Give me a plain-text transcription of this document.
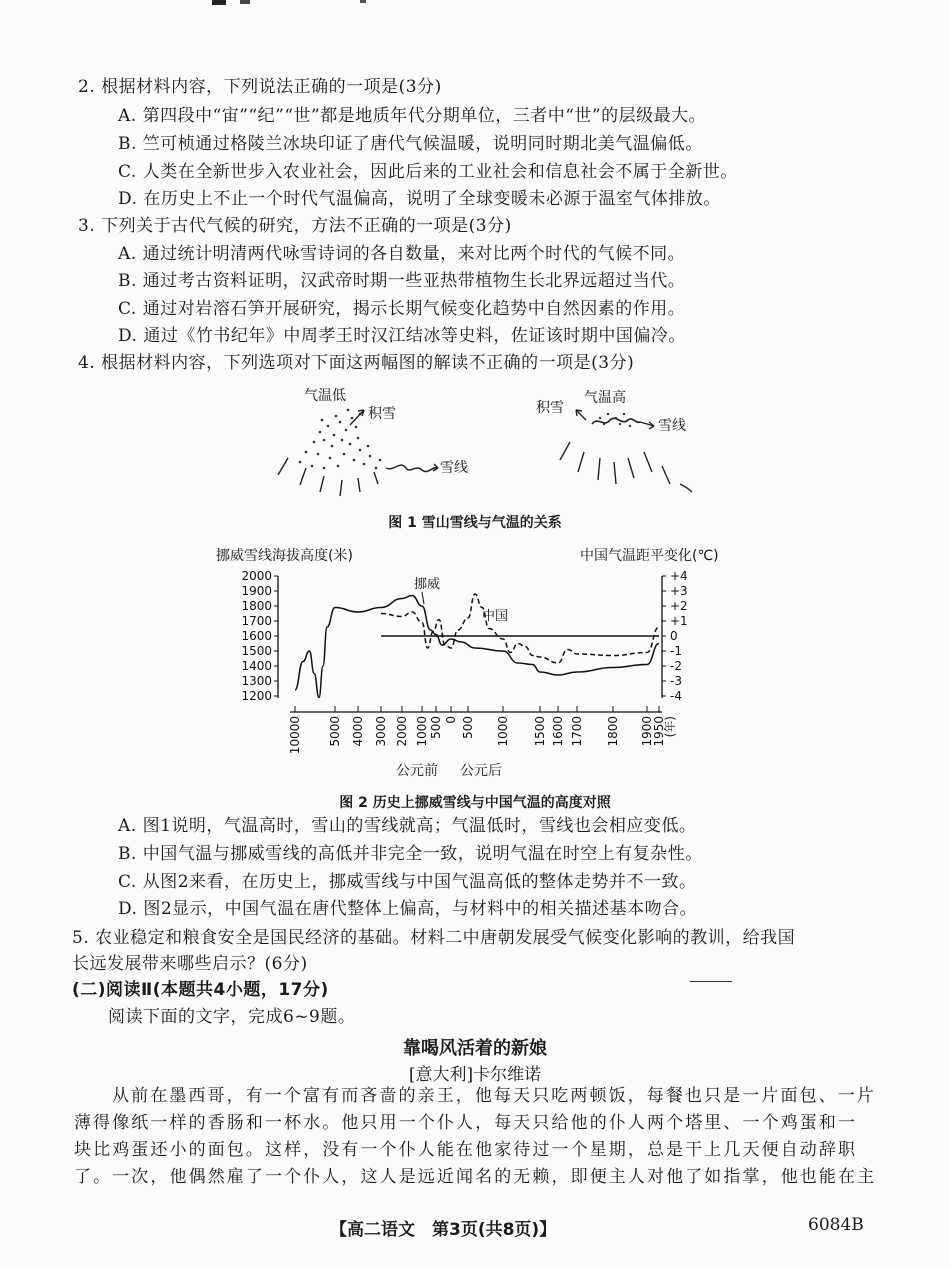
2. 根据材料内容，下列说法正确的一项是(3分)
A. 第四段中“宙”“纪”“世”都是地质年代分期单位，三者中“世”的层级最大。
B. 竺可桢通过格陵兰冰块印证了唐代气候温暖，说明同时期北美气温偏低。
C. 人类在全新世步入农业社会，因此后来的工业社会和信息社会不属于全新世。
D. 在历史上不止一个时代气温偏高，说明了全球变暖未必源于温室气体排放。
3. 下列关于古代气候的研究，方法不正确的一项是(3分)
A. 通过统计明清两代咏雪诗词的各自数量，来对比两个时代的气候不同。
B. 通过考古资料证明，汉武帝时期一些亚热带植物生长北界远超过当代。
C. 通过对岩溶石笋开展研究，揭示长期气候变化趋势中自然因素的作用。
D. 通过《竹书纪年》中周孝王时汉江结冰等史料，佐证该时期中国偏冷。
4. 根据材料内容，下列选项对下面这两幅图的解读不正确的一项是(3分)
气温低
积雪
雪线
气温高
积雪
雪线
图 1 雪山雪线与气温的关系
挪威雪线海拔高度(米)	中国气温距平变化(℃)
2000
1900
1800
1700
1600
1500
1400
1300
1200
+4
+3
+2
+1
0
-1
-2
-3
-4
10000 5000 4000 3000 2000 1000 500 0 500 1000 1500 1600 1700 1800 1900
1950
(年)
挪威
中国
公元前 公元后
图 2 历史上挪威雪线与中国气温的高度对照
A. 图1说明，气温高时，雪山的雪线就高；气温低时，雪线也会相应变低。
B. 中国气温与挪威雪线的高低并非完全一致，说明气温在时空上有复杂性。
C. 从图2来看，在历史上，挪威雪线与中国气温高低的整体走势并不一致。
D. 图2显示，中国气温在唐代整体上偏高，与材料中的相关描述基本吻合。
5. 农业稳定和粮食安全是国民经济的基础。材料二中唐朝发展受气候变化影响的教训，给我国
长远发展带来哪些启示？(6分)
(二)阅读Ⅱ(本题共4小题，17分)
阅读下面的文字，完成6~9题。
靠喝风活着的新娘
[意大利]卡尔维诺
从前在墨西哥，有一个富有而吝啬的亲王，他每天只吃两顿饭，每餐也只是一片面包、一片
薄得像纸一样的香肠和一杯水。他只用一个仆人，每天只给他的仆人两个塔里、一个鸡蛋和一
块比鸡蛋还小的面包。这样，没有一个仆人能在他家待过一个星期，总是干上几天便自动辞职
了。一次，他偶然雇了一个仆人，这人是远近闻名的无赖，即便主人对他了如指掌，他也能在主
【高二语文　第3页(共8页)】	6084B
